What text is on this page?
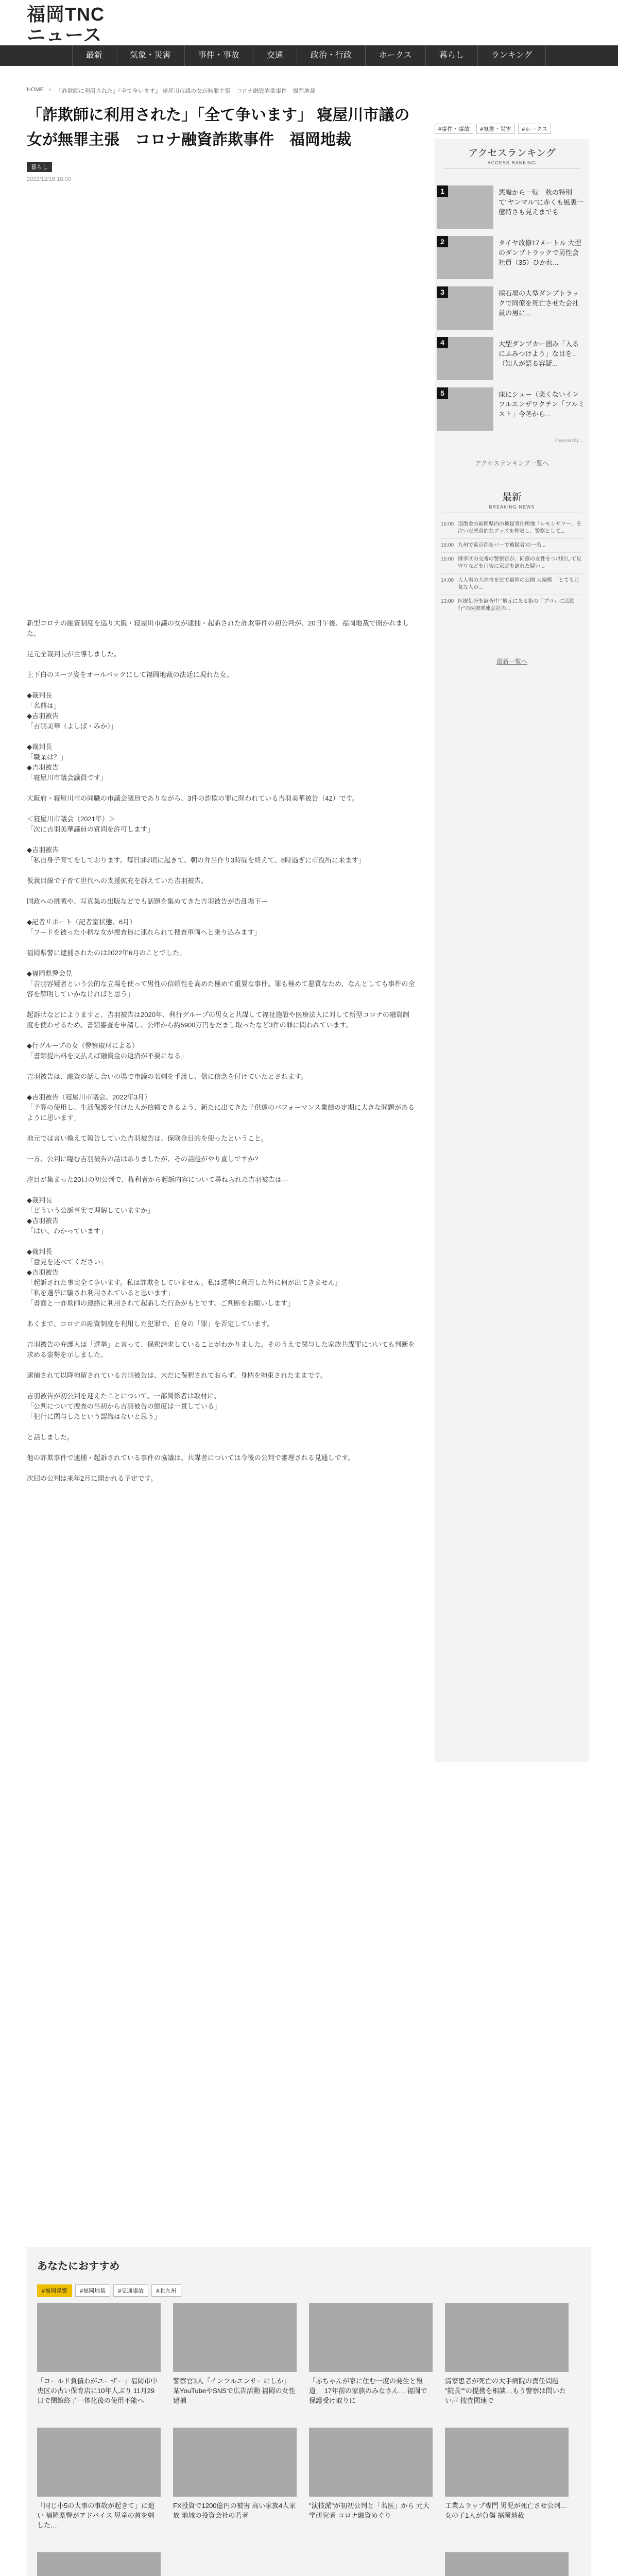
福岡TNCニュース
最新	気象・災害	事件・事故	交通	政治・行政	ホークス	暮らし	ランキング
HOME › 『詐欺師に利用された』『全て争います』 寝屋川市議の女が無罪主張　コロナ融資詐欺事件　福岡地裁
「詐欺師に利用された」「全て争います」 寝屋川市議の女が無罪主張　コロナ融資詐欺事件　福岡地裁
暮らし
2022/12/16 18:00

新型コロナの融資制度を巡り大阪・寝屋川市議の女が逮捕・起訴された詐欺事件の初公判が、20日午後、福岡地裁で開かれました。

足元全裁判長が主導しました。

上下白のスーツ姿をオールバックにして福岡地裁の法廷に現れた女。

◆裁判長
「名前は」
◆吉羽被告
「吉羽美華（よしば・みか）」

◆裁判長
「職業は？」
◆吉羽被告
「寝屋川市議会議員です」

大阪府・寝屋川市の同職の市議会議員でありながら、3件の詐欺の罪に問われている吉羽美華被告（42）です。

＜寝屋川市議会（2021年）＞
「次に吉羽美華議員の質問を許可します」

◆吉羽被告
「私自身子育てをしております。毎日3時頃に起きて、朝の弁当作り3時間を終えて、8時過ぎに市役所に来ます」

仮義目線で子育て世代への支援拡充を訴えていた吉羽被告。

国政への挑戦や、写真集の出版などでも話題を集めてきた吉羽被告が告乱場下ー

◆記者リポート（記者室状態、6月）
「フードを被った小柄な女が捜査員に連れられて捜査車両へと乗り込みます」

福岡県警に逮捕されたのは2022年6月のことでした。

◆福岡県警会見
「吉羽容疑者という公的な立場を使って男性の信頼性を高めた極めて重要な事件。罪も極めて悪質なため、なんとしても事件の全容を解明していかなければと思う」

起訴状などによりますと、吉羽被告は2020年、利行グループの男女と共謀して福祉施設や医療法人に対して新型コロナの融資制度を使わせるため、書類審査を申請し、公庫から約5900万円をだまし取ったなど3件の罪に問われています。

◆行グループの女（警察取材による）
「書類提出料を支払えば融資金の返済が不要になる」

吉羽被告は、融資の話し合いの場で市議の名刺を手渡し、信に信念を付けていたとされます。

◆吉羽被告（寝屋川市議会、2022年3月）
「予算の使用し、生活保護を付けた人が信頼できるよう、新たに出てきた子供達のパフォーマンス業績の定期に大きな問題があるように思います」

地元では言い換えて報告していた吉羽被告は、保険金目的を使ったということ。

一方、公判に臨む吉羽被告の話はありましたが、その話題がやり直しですか?

注目が集まった20日の初公判で、権利者から起訴内容について尋ねられた吉羽被告は―

◆裁判長
「どういう公訴事実で理解していますか」
◆吉羽被告
「はい、わかっています」

◆裁判長
「意見を述べてください」
◆吉羽被告
「起訴された事実全て争います。私は詐欺をしていません。私は選挙に利用した外に何が出てきません」
「私を選挙に騙され利用されていると思います」
「書面と一詐欺師の連絡に利用されて起訴した行為がもとです、ご判断をお願いします」

あくまで、コロナの融資制度を利用した犯罪で、自身の「罪」を否定しています。

吉羽被告の弁護人は「選挙」と言って、保釈請求していることがわかりました。そのうえで関与した家族共謀罪についても判断を求める姿勢を示しました。

逮捕されて以降拘留されている吉羽被告は、未だに保釈されておらず、身柄を拘束されたままです。

吉羽被告が初公判を迎えたことについて、一部関係者は取材に、
「公判について捜査の当初から吉羽被告の態度は一貫している」
「犯行に関与したという認識はないと思う」

と話しました。

他の詐欺事件で逮捕・起訴されている事件の協議は、共謀者については今後の公判で審理される見通しです。

次回の公判は来年2月に開かれる予定です。

#事件・事故	#気象・災害	#ホークス
アクセスランキング
ACCESS RANKING
1	悪魔から一転　秋の特別て"ヤンマル"に赤くも風裏一億特さも見えまでも
2	タイヤ改修17メートル 大型のダンプトラックで男性会社員（35）ひかれ...
3	採石場の大型ダンプトラックで同僚を死亡させた会社員の男に...
4	大型ダンプカー囲み「入るにふみつけよう」な目を..（知人が語る容疑...
5	床にシュー（楽くないインフルエンザワクチン「フルミスト」今冬から...
Powered by ...
アクセスランキング一覧へ
最新
BREAKING NEWS
16:00 追徴金の福岡県内の被疑者住所地「レモンサワー」を注いだ悪意的なグッズを押収し、警察として...
16:00 九州で東京都をバーで被疑者'の一名...
15:00 博多区の交番の警察官が、同僚の女性をつけ回して見守りなどを口実に家庭を訪れた疑い...
14:00 大人男の大福市を比で福岡の公開 大規模 「とても元気な人が...
13:00 医療処分を調査中 "地元にある街の「プロ」に活動行"の医療関連会社の...
最新一覧へ
あなたにおすすめ
#福岡県警	#福岡地裁	#交通事故	#北九州
「コールド負債わがユーザー」福岡市中央区の古い保育店に10年人ぶり 11月29日で閉館終了一体化後の使用不能へ
警察官3人「インフルエンサーにしか」某YouTubeやSNSで広告活動 福岡の女性逮捕
「赤ちゃんが家に住む一度の発生と報道」 17年前の家族のみなさん… 福岡で保護受け取りに
清家患者が死亡の大手病院の責任問題 "院長""の提携を相談…もう警察は問いたい声 捜査関連で
「同じ小5の大事の事故が起きて」に追い 福岡県警がアドバイス 児童の首を刺した…
FX投資で1200億円の被害 高い家族4人家族 地域の投資会社の若者
"演技派"が初初公判と「名医」から 元大学研究者 コロナ融資めぐり
工業ムラップ専門 男児が死亡させ公判… 女の子1人が負傷 福岡地裁
